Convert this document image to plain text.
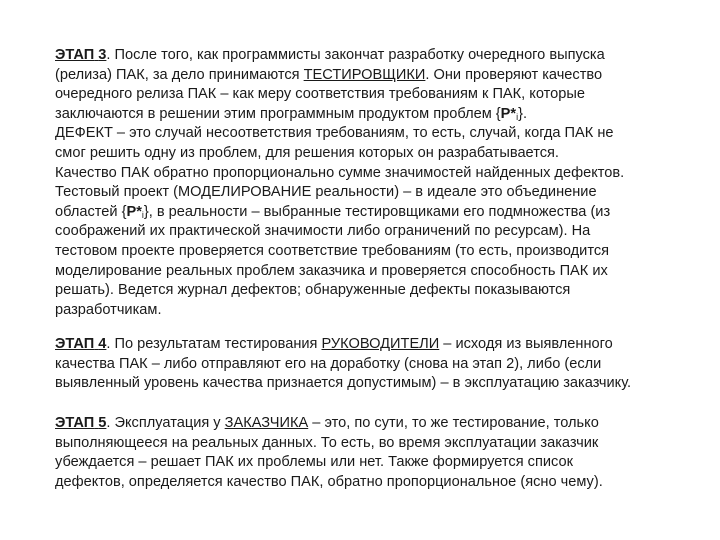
ЭТАП 3. После того, как программисты закончат разработку очередного выпуска
(релиза) ПАК, за дело принимаются ТЕСТИРОВЩИКИ. Они проверяют качество
очередного релиза ПАК – как меру соответствия требованиям к ПАК, которые
заключаются в решении этим программным продуктом проблем $\{P*_i\}$.
ДЕФЕКТ – это случай несоответствия требованиям, то есть, случай, когда ПАК не
смог решить одну из проблем, для решения которых он разрабатывается.
Качество ПАК обратно пропорционально сумме значимостей найденных дефектов.
Тестовый проект (МОДЕЛИРОВАНИЕ реальности) – в идеале это объединение
областей $\{P*_i\}$, в реальности – выбранные тестировщиками его подмножества (из
соображений их практической значимости либо ограничений по ресурсам). На
тестовом проекте проверяется соответствие требованиям (то есть, производится
моделирование реальных проблем заказчика и проверяется способность ПАК их
решать). Ведется журнал дефектов; обнаруженные дефекты показываются
разработчикам.
ЭТАП 4. По результатам тестирования РУКОВОДИТЕЛИ – исходя из выявленного
качества ПАК – либо отправляют его на доработку (снова на этап 2), либо (если
выявленный уровень качества признается допустимым) – в эксплуатацию заказчику.
ЭТАП 5. Эксплуатация у ЗАКАЗЧИКА – это, по сути, то же тестирование, только
выполняющееся на реальных данных. То есть, во время эксплуатации заказчик
убеждается – решает ПАК их проблемы или нет. Также формируется список
дефектов, определяется качество ПАК, обратно пропорциональное (ясно чему).
